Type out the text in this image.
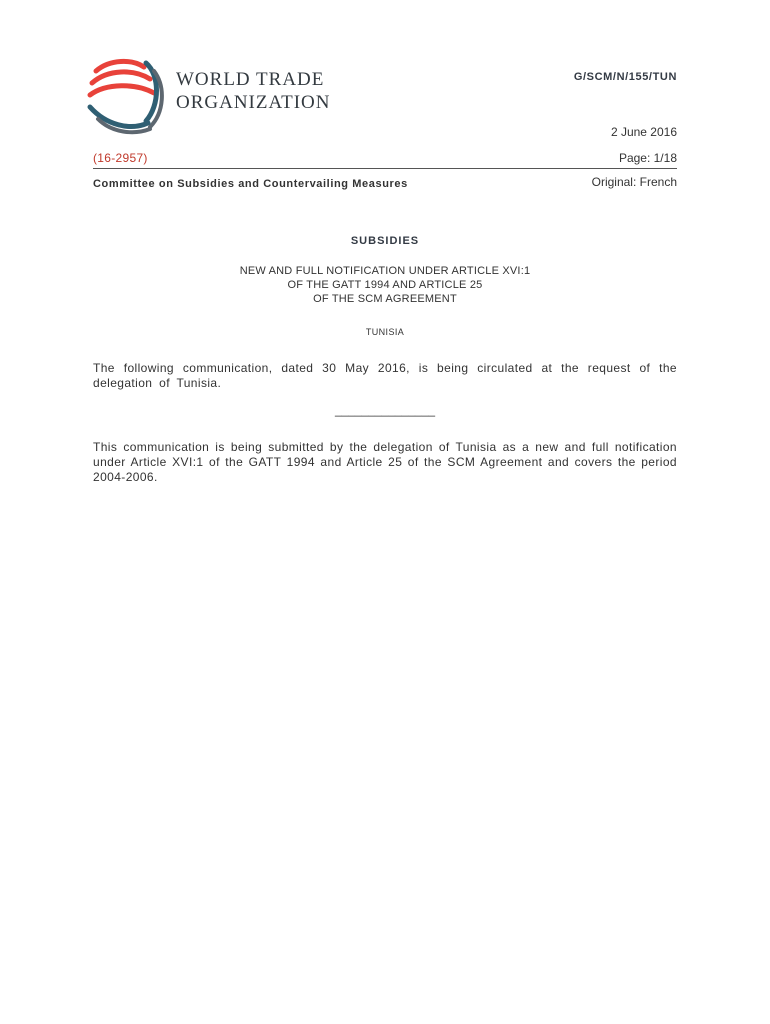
WORLD TRADE
ORGANIZATION
G/SCM/N/155/TUN
2 June 2016
(16-2957)	Page: 1/18
Committee on Subsidies and Countervailing Measures	Original: French
SUBSIDIES
NEW AND FULL NOTIFICATION UNDER ARTICLE XVI:1
OF THE GATT 1994 AND ARTICLE 25
OF THE SCM AGREEMENT
TUNISIA
The following communication, dated 30 May 2016, is being circulated at the request of the delegation of Tunisia.
_______________
This communication is being submitted by the delegation of Tunisia as a new and full notification under Article XVI:1 of the GATT 1994 and Article 25 of the SCM Agreement and covers the period 2004-2006.
